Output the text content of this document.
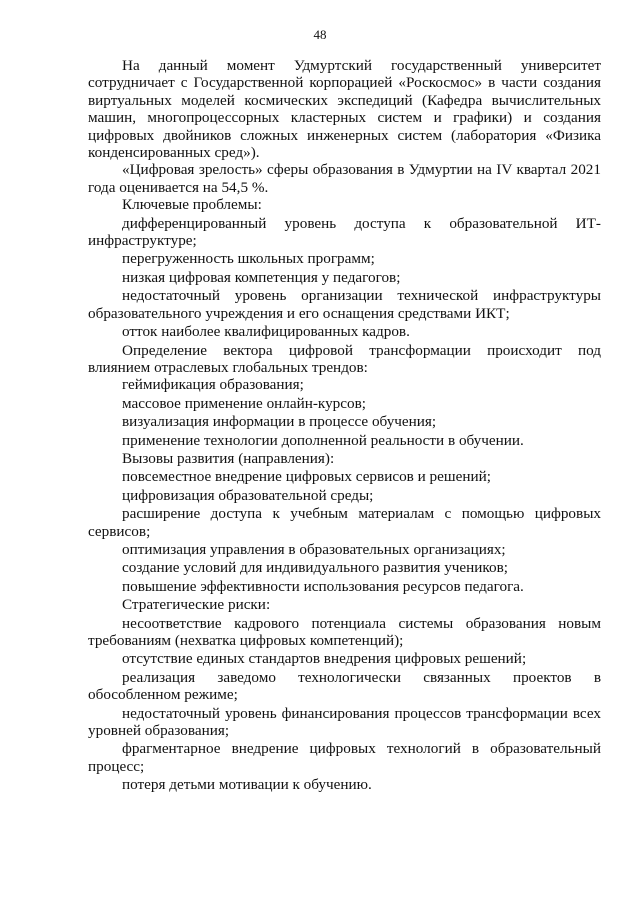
48

На данный момент Удмуртский государственный университет сотрудничает с Государственной корпорацией «Роскосмос» в части создания виртуальных моделей космических экспедиций (Кафедра вычислительных машин, многопроцессорных кластерных систем и графики) и создания цифровых двойников сложных инженерных систем (лаборатория «Физика конденсированных сред»).

«Цифровая зрелость» сферы образования в Удмуртии на IV квартал 2021 года оценивается на 54,5 %.

Ключевые проблемы:

дифференцированный уровень доступа к образовательной ИТ-инфраструктуре;

перегруженность школьных программ;

низкая цифровая компетенция у педагогов;

недостаточный уровень организации технической инфраструктуры образовательного учреждения и его оснащения средствами ИКТ;

отток наиболее квалифицированных кадров.

Определение вектора цифровой трансформации происходит под влиянием отраслевых глобальных трендов:

геймификация образования;

массовое применение онлайн-курсов;

визуализация информации в процессе обучения;

применение технологии дополненной реальности в обучении.

Вызовы развития (направления):

повсеместное внедрение цифровых сервисов и решений;

цифровизация образовательной среды;

расширение доступа к учебным материалам с помощью цифровых сервисов;

оптимизация управления в образовательных организациях;

создание условий для индивидуального развития учеников;

повышение эффективности использования ресурсов педагога.

Стратегические риски:

несоответствие кадрового потенциала системы образования новым требованиям (нехватка цифровых компетенций);

отсутствие единых стандартов внедрения цифровых решений;

реализация заведомо технологически связанных проектов в обособленном режиме;

недостаточный уровень финансирования процессов трансформации всех уровней образования;

фрагментарное внедрение цифровых технологий в образовательный процесс;

потеря детьми мотивации к обучению.
